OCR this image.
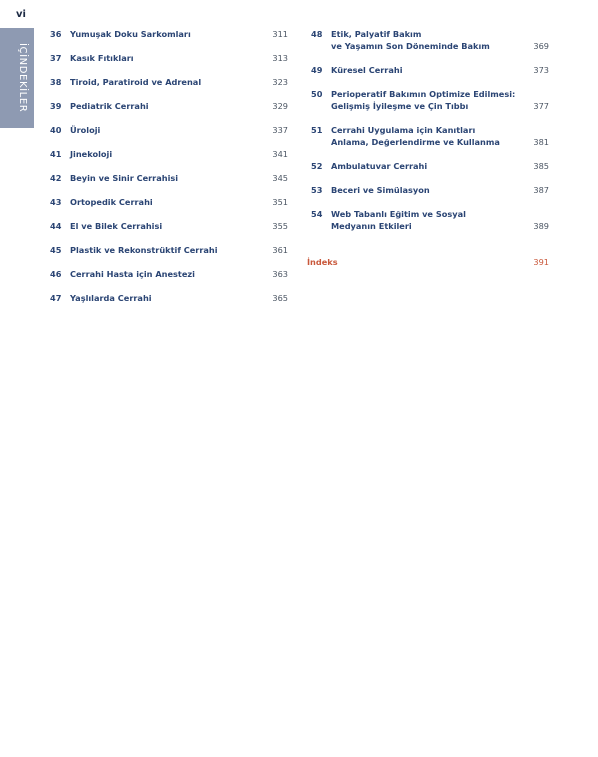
vi
İÇİNDEKİLER
36	Yumuşak Doku Sarkomları	311
37	Kasık Fıtıkları	313
38	Tiroid, Paratiroid ve Adrenal	323
39	Pediatrik Cerrahi	329
40	Üroloji	337
41	Jinekoloji	341
42	Beyin ve Sinir Cerrahisi	345
43	Ortopedik Cerrahi	351
44	El ve Bilek Cerrahisi	355
45	Plastik ve Rekonstrüktif Cerrahi	361
46	Cerrahi Hasta için Anestezi	363
47	Yaşlılarda Cerrahi	365
48	Etik, Palyatif Bakım
ve Yaşamın Son Döneminde Bakım	369
49	Küresel Cerrahi	373
50	Perioperatif Bakımın Optimize Edilmesi:
Gelişmiş İyileşme ve Çin Tıbbı	377
51	Cerrahi Uygulama için Kanıtları
Anlama, Değerlendirme ve Kullanma	381
52	Ambulatuvar Cerrahi	385
53	Beceri ve Simülasyon	387
54	Web Tabanlı Eğitim ve Sosyal
Medyanın Etkileri	389
İndeks	391
